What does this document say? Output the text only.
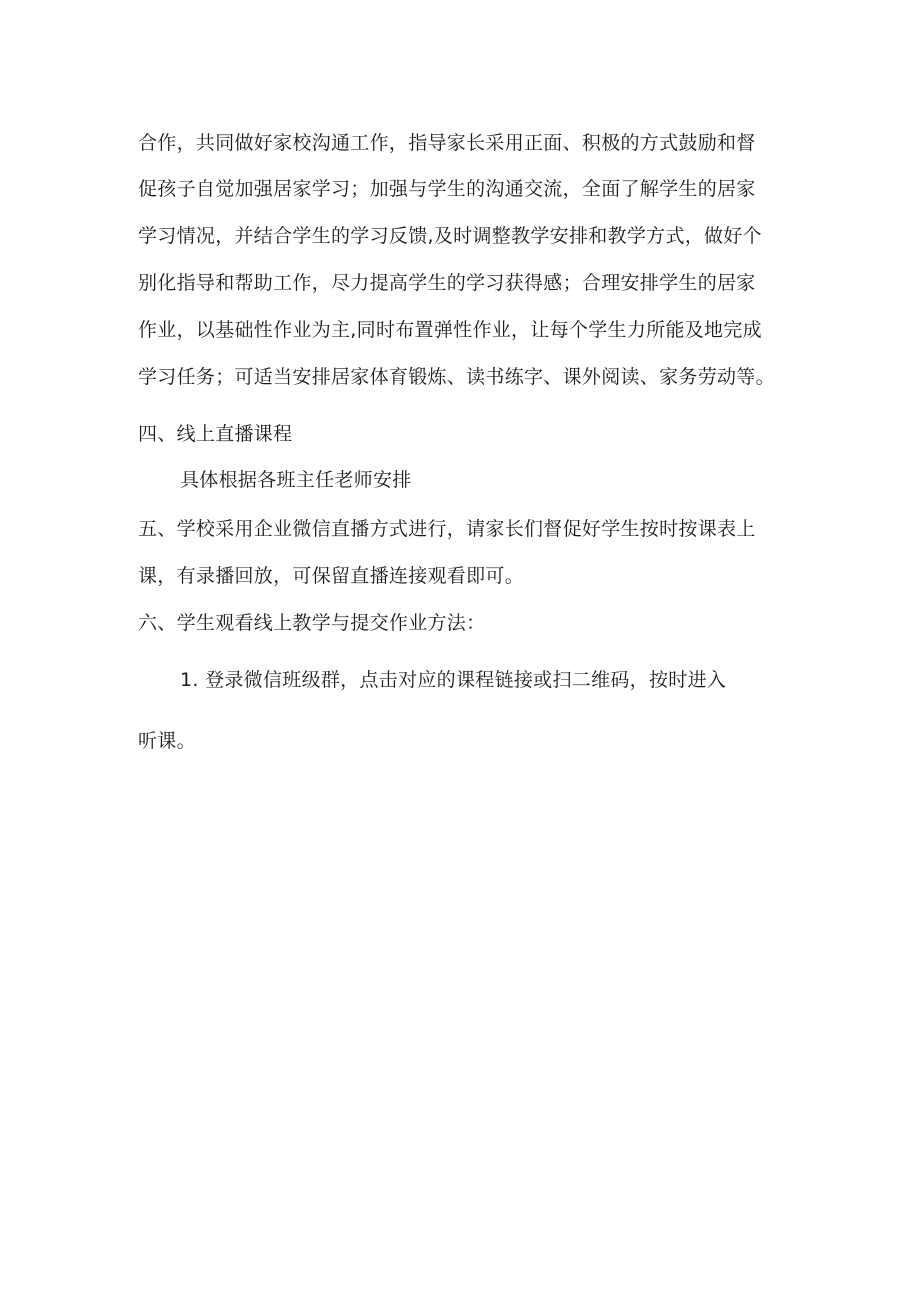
合作，共同做好家校沟通工作，指导家长采用正面、积极的方式鼓励和督
促孩子自觉加强居家学习；加强与学生的沟通交流，全面了解学生的居家
学习情况，并结合学生的学习反馈,及时调整教学安排和教学方式，做好个
别化指导和帮助工作，尽力提高学生的学习获得感；合理安排学生的居家
作业，以基础性作业为主,同时布置弹性作业，让每个学生力所能及地完成
学习任务；可适当安排居家体育锻炼、读书练字、课外阅读、家务劳动等。
四、线上直播课程
具体根据各班主任老师安排
五、学校采用企业微信直播方式进行，请家长们督促好学生按时按课表上
课，有录播回放，可保留直播连接观看即可。
六、学生观看线上教学与提交作业方法：
1. 登录微信班级群，点击对应的课程链接或扫二维码，按时进入
听课。
